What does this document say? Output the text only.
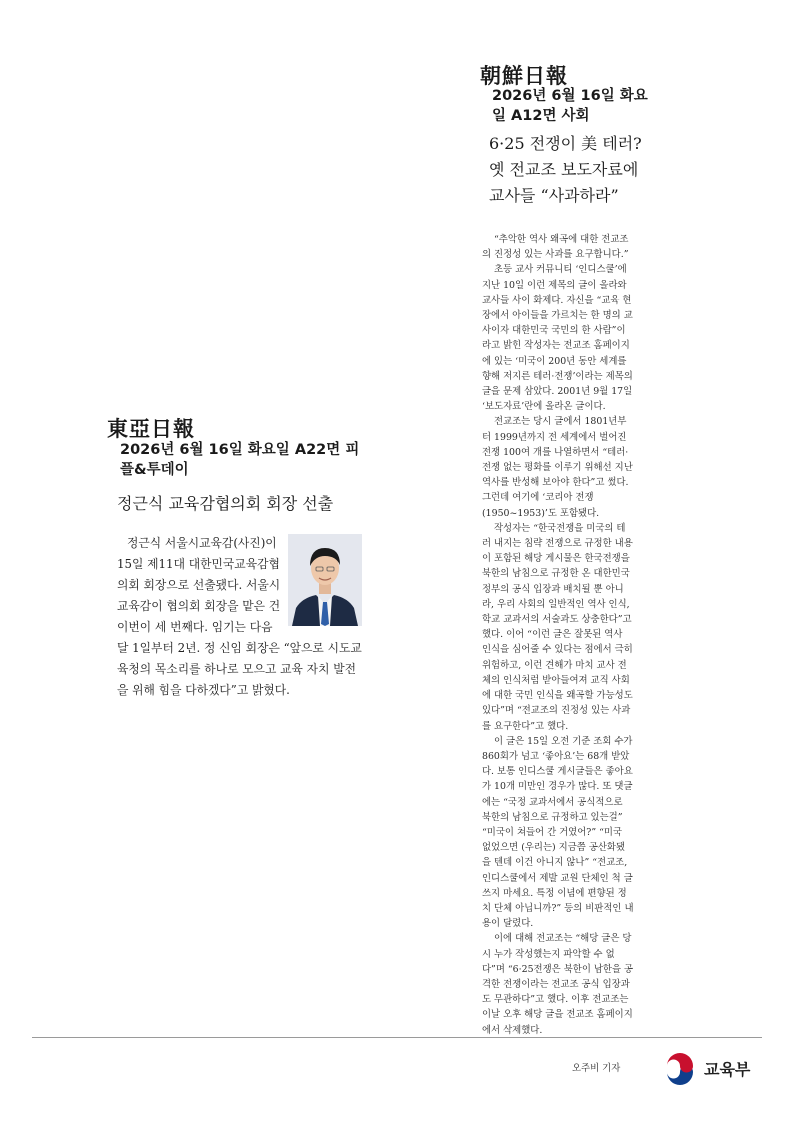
朝鮮日報
2026년 6월 16일 화요일 A12면 사회
6·25 전쟁이 美 테러?
옛 전교조 보도자료에
교사들 “사과하라”

“추악한 역사 왜곡에 대한 전교조의 진정성 있는 사과를 요구합니다.”

초등 교사 커뮤니티 ‘인디스쿨’에 지난 10일 이런 제목의 글이 올라와 교사들 사이 화제다. 자신을 “교육 현장에서 아이들을 가르치는 한 명의 교사이자 대한민국 국민의 한 사람”이라고 밝힌 작성자는 전교조 홈페이지에 있는 ‘미국이 200년 동안 세계를 향해 저지른 테러·전쟁’이라는 제목의 글을 문제 삼았다. 2001년 9월 17일 ‘보도자료’란에 올라온 글이다.

전교조는 당시 글에서 1801년부터 1999년까지 전 세계에서 벌어진 전쟁 100여 개를 나열하면서 “테러·전쟁 없는 평화를 이루기 위해선 지난 역사를 반성해 보아야 한다”고 썼다. 그런데 여기에 ‘코리아 전쟁(1950~1953)’도 포함됐다.

작성자는 “한국전쟁을 미국의 테러 내지는 침략 전쟁으로 규정한 내용이 포함된 해당 게시물은 한국전쟁을 북한의 남침으로 규정한 온 대한민국 정부의 공식 입장과 배치될 뿐 아니라, 우리 사회의 일반적인 역사 인식, 학교 교과서의 서술과도 상충한다”고 했다. 이어 “이런 글은 잘못된 역사 인식을 심어줄 수 있다는 점에서 극히 위험하고, 이런 견해가 마치 교사 전체의 인식처럼 받아들여져 교직 사회에 대한 국민 인식을 왜곡할 가능성도 있다”며 “전교조의 진정성 있는 사과를 요구한다”고 했다.

이 글은 15일 오전 기준 조회 수가 860회가 넘고 ‘좋아요’는 68개 받았다. 보통 인디스쿨 게시글들은 좋아요가 10개 미만인 경우가 많다. 또 댓글에는 “국정 교과서에서 공식적으로 북한의 남침으로 규정하고 있는걸” “미국이 쳐들어 간 거였어?” “미국 없었으면 (우리는) 지금쯤 공산화됐을 텐데 이건 아니지 않나” “전교조, 인디스쿨에서 제발 교원 단체인 척 글 쓰지 마세요. 특정 이념에 편향된 정치 단체 아닙니까?” 등의 비판적인 내용이 달렸다.

이에 대해 전교조는 “해당 글은 당시 누가 작성했는지 파악할 수 없다”며 “6·25전쟁은 북한이 남한을 공격한 전쟁이라는 전교조 공식 입장과도 무관하다”고 했다. 이후 전교조는 이날 오후 해당 글을 전교조 홈페이지에서 삭제했다.

오주비 기자
東亞日報
2026년 6월 16일 화요일 A22면 피플&투데이
정근식 교육감협의회 회장 선출
정근식 서울시교육감(사진)이 15일 제11대 대한민국교육감협의회 회장으로 선출됐다. 서울시교육감이 협의회 회장을 맡은 건 이번이 세 번째다. 임기는 다음 달 1일부터 2년. 정 신임 회장은 “앞으로 시도교육청의 목소리를 하나로 모으고 교육 자치 발전을 위해 힘을 다하겠다”고 밝혔다.
교육부
